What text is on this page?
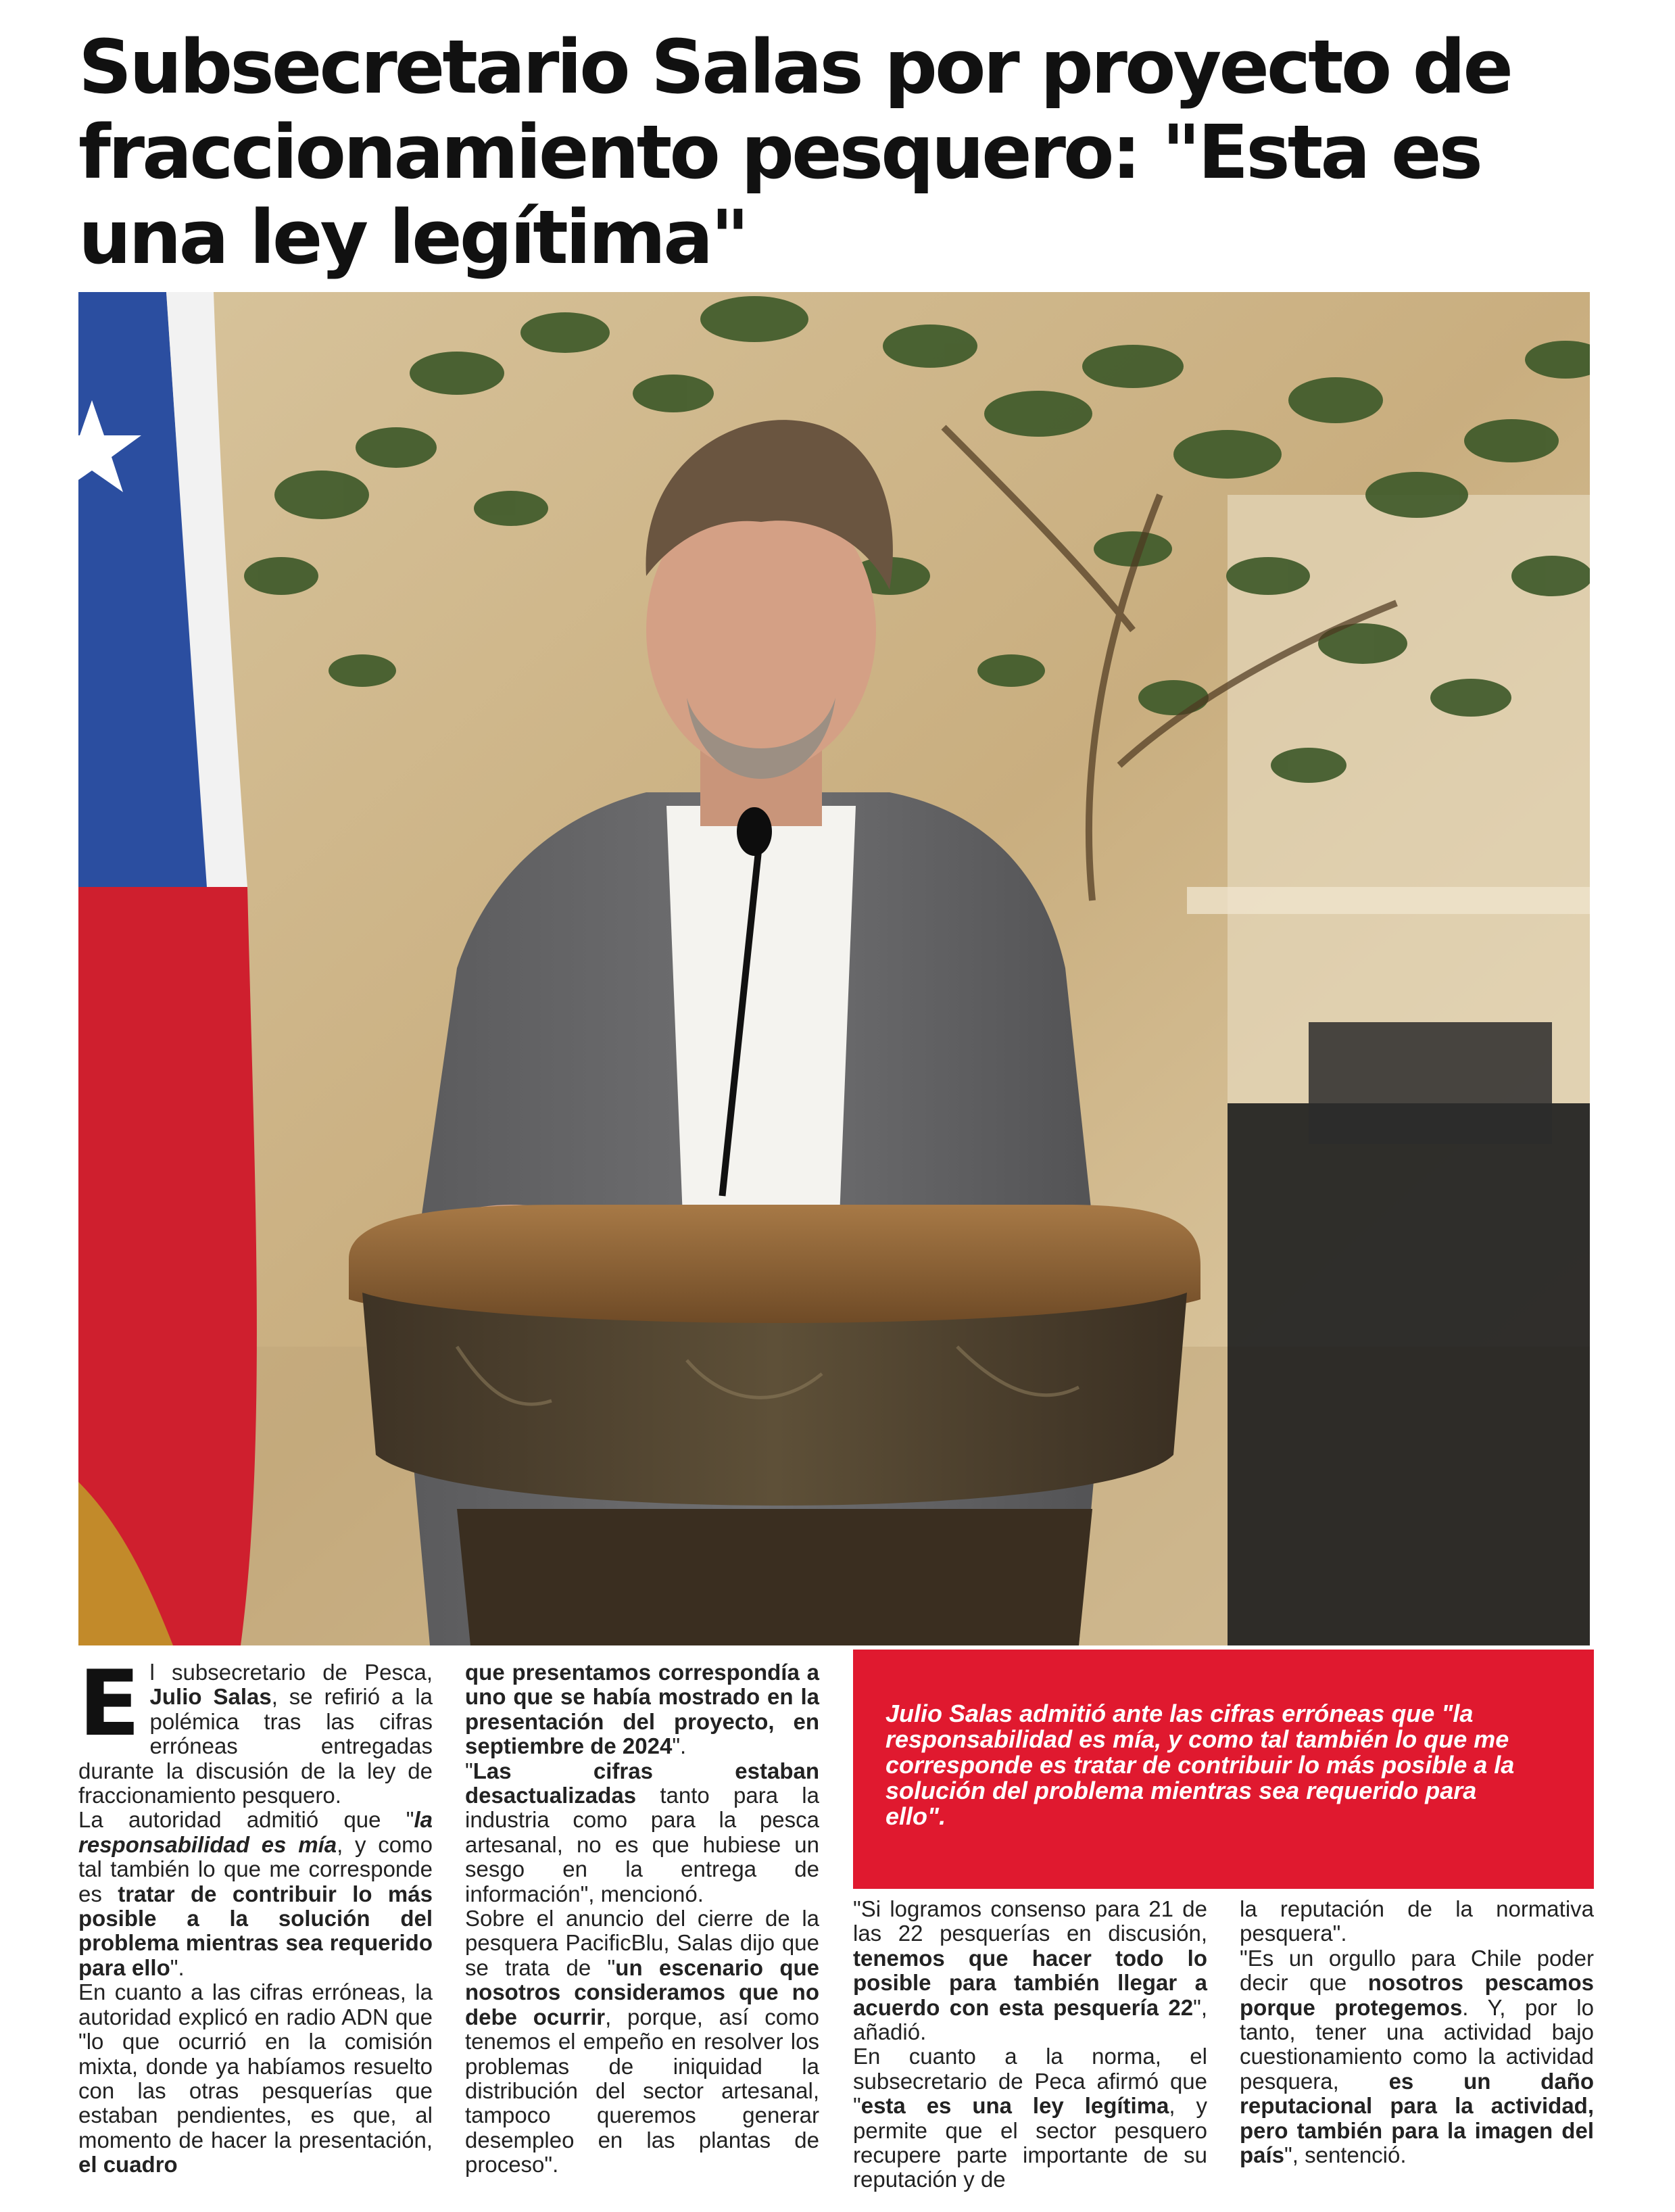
Subsecretario Salas por proyecto de fraccionamiento pesquero: "Esta es una ley legítima"
E l subsecretario de Pesca, Julio Salas, se refirió a la polémica tras las cifras erróneas entregadas durante la discusión de la ley de fraccionamiento pesquero.

La autoridad admitió que "la responsabilidad es mía, y como tal también lo que me corresponde es tratar de contribuir lo más posible a la solución del problema mientras sea requerido para ello".

En cuanto a las cifras erróneas, la autoridad explicó en radio ADN que "lo que ocurrió en la comisión mixta, donde ya habíamos resuelto con las otras pesquerías que estaban pendientes, es que, al momento de hacer la presentación, el cuadro

que presentamos correspondía a uno que se había mostrado en la presentación del proyecto, en septiembre de 2024".

"Las cifras estaban desactualizadas tanto para la industria como para la pesca artesanal, no es que hubiese un sesgo en la entrega de información", mencionó.

Sobre el anuncio del cierre de la pesquera PacificBlu, Salas dijo que se trata de "un escenario que nosotros consideramos que no debe ocurrir, porque, así como tenemos el empeño en resolver los problemas de iniquidad la distribución del sector artesanal, tampoco queremos generar desempleo en las plantas de proceso".

Julio Salas admitió ante las cifras erróneas que "la responsabilidad es mía, y como tal también lo que me corresponde es tratar de contribuir lo más posible a la solución del problema mientras sea requerido para ello".

"Si logramos consenso para 21 de las 22 pesquerías en discusión, tenemos que hacer todo lo posible para también llegar a acuerdo con esta pesquería 22", añadió.

En cuanto a la norma, el subsecretario de Peca afirmó que "esta es una ley legítima, y permite que el sector pesquero recupere parte importante de su reputación y de

la reputación de la normativa pesquera".

"Es un orgullo para Chile poder decir que nosotros pescamos porque protegemos. Y, por lo tanto, tener una actividad bajo cuestionamiento como la actividad pesquera, es un daño reputacional para la actividad, pero también para la imagen del país", sentenció.
